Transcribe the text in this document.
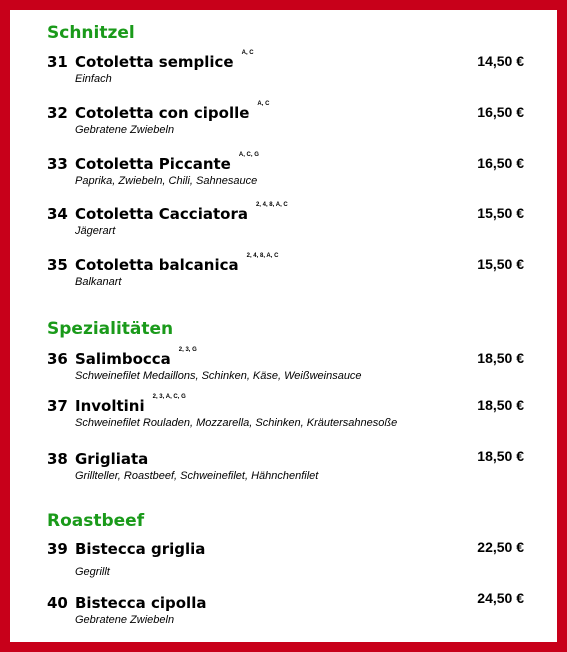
Schnitzel
31 Cotoletta semplice $^{A, C}$	14,50 €
Einfach
32 Cotoletta con cipolle $^{A, C}$	16,50 €
Gebratene Zwiebeln
33 Cotoletta Piccante $^{A, C, G}$	16,50 €
Paprika, Zwiebeln, Chili, Sahnesauce
34 Cotoletta Cacciatora $^{2, 4, 8, A, C}$	15,50 €
Jägerart
35 Cotoletta balcanica $^{2, 4, 8, A, C}$	15,50 €
Balkanart
Spezialitäten
36 Salimbocca $^{2, 3, G}$	18,50 €
Schweinefilet Medaillons, Schinken, Käse, Weißweinsauce
37 Involtini $^{2, 3, A, C, G}$	18,50 €
Schweinefilet Rouladen, Mozzarella, Schinken, Kräutersahnesoße
38 Grigliata	18,50 €
Grillteller, Roastbeef, Schweinefilet, Hähnchenfilet
Roastbeef
39 Bistecca griglia	22,50 €
Gegrillt
40 Bistecca cipolla	24,50 €
Gebratene Zwiebeln
